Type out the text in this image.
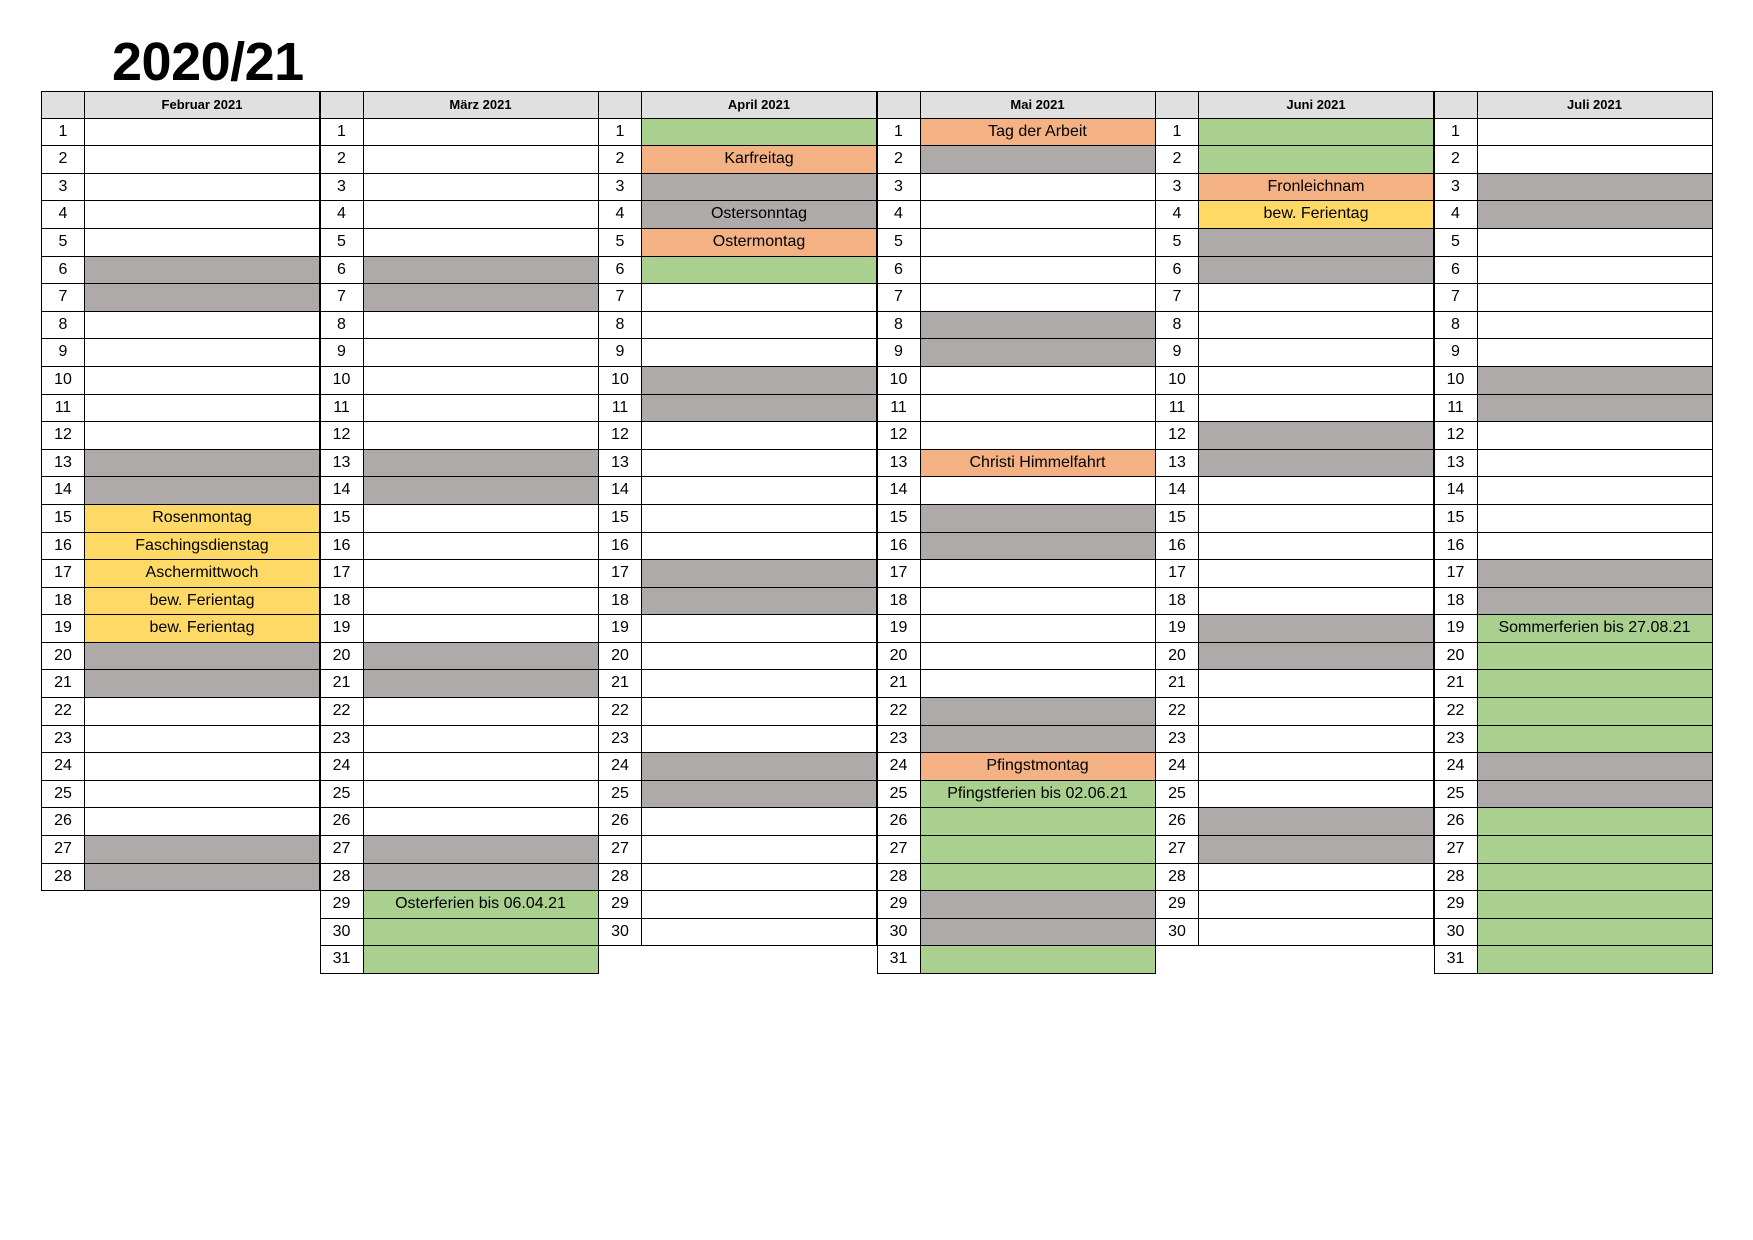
2020/21
Februar 2021
1
2
3
4
5
6
7
8
9
10
11
12
13
14
15	Rosenmontag
16	Faschingsdienstag
17	Aschermittwoch
18	bew. Ferientag
19	bew. Ferientag
20
21
22
23
24
25
26
27
28
März 2021
1
2
3
4
5
6
7
8
9
10
11
12
13
14
15
16
17
18
19
20
21
22
23
24
25
26
27
28
29	Osterferien bis 06.04.21
30
31
April 2021
1
2	Karfreitag
3
4	Ostersonntag
5	Ostermontag
6
7
8
9
10
11
12
13
14
15
16
17
18
19
20
21
22
23
24
25
26
27
28
29
30
Mai 2021
1	Tag der Arbeit
2
3
4
5
6
7
8
9
10
11
12
13	Christi Himmelfahrt
14
15
16
17
18
19
20
21
22
23
24	Pfingstmontag
25	Pfingstferien bis 02.06.21
26
27
28
29
30
31
Juni 2021
1
2
3	Fronleichnam
4	bew. Ferientag
5
6
7
8
9
10
11
12
13
14
15
16
17
18
19
20
21
22
23
24
25
26
27
28
29
30
Juli 2021
1
2
3
4
5
6
7
8
9
10
11
12
13
14
15
16
17
18
19	Sommerferien bis 27.08.21
20
21
22
23
24
25
26
27
28
29
30
31
